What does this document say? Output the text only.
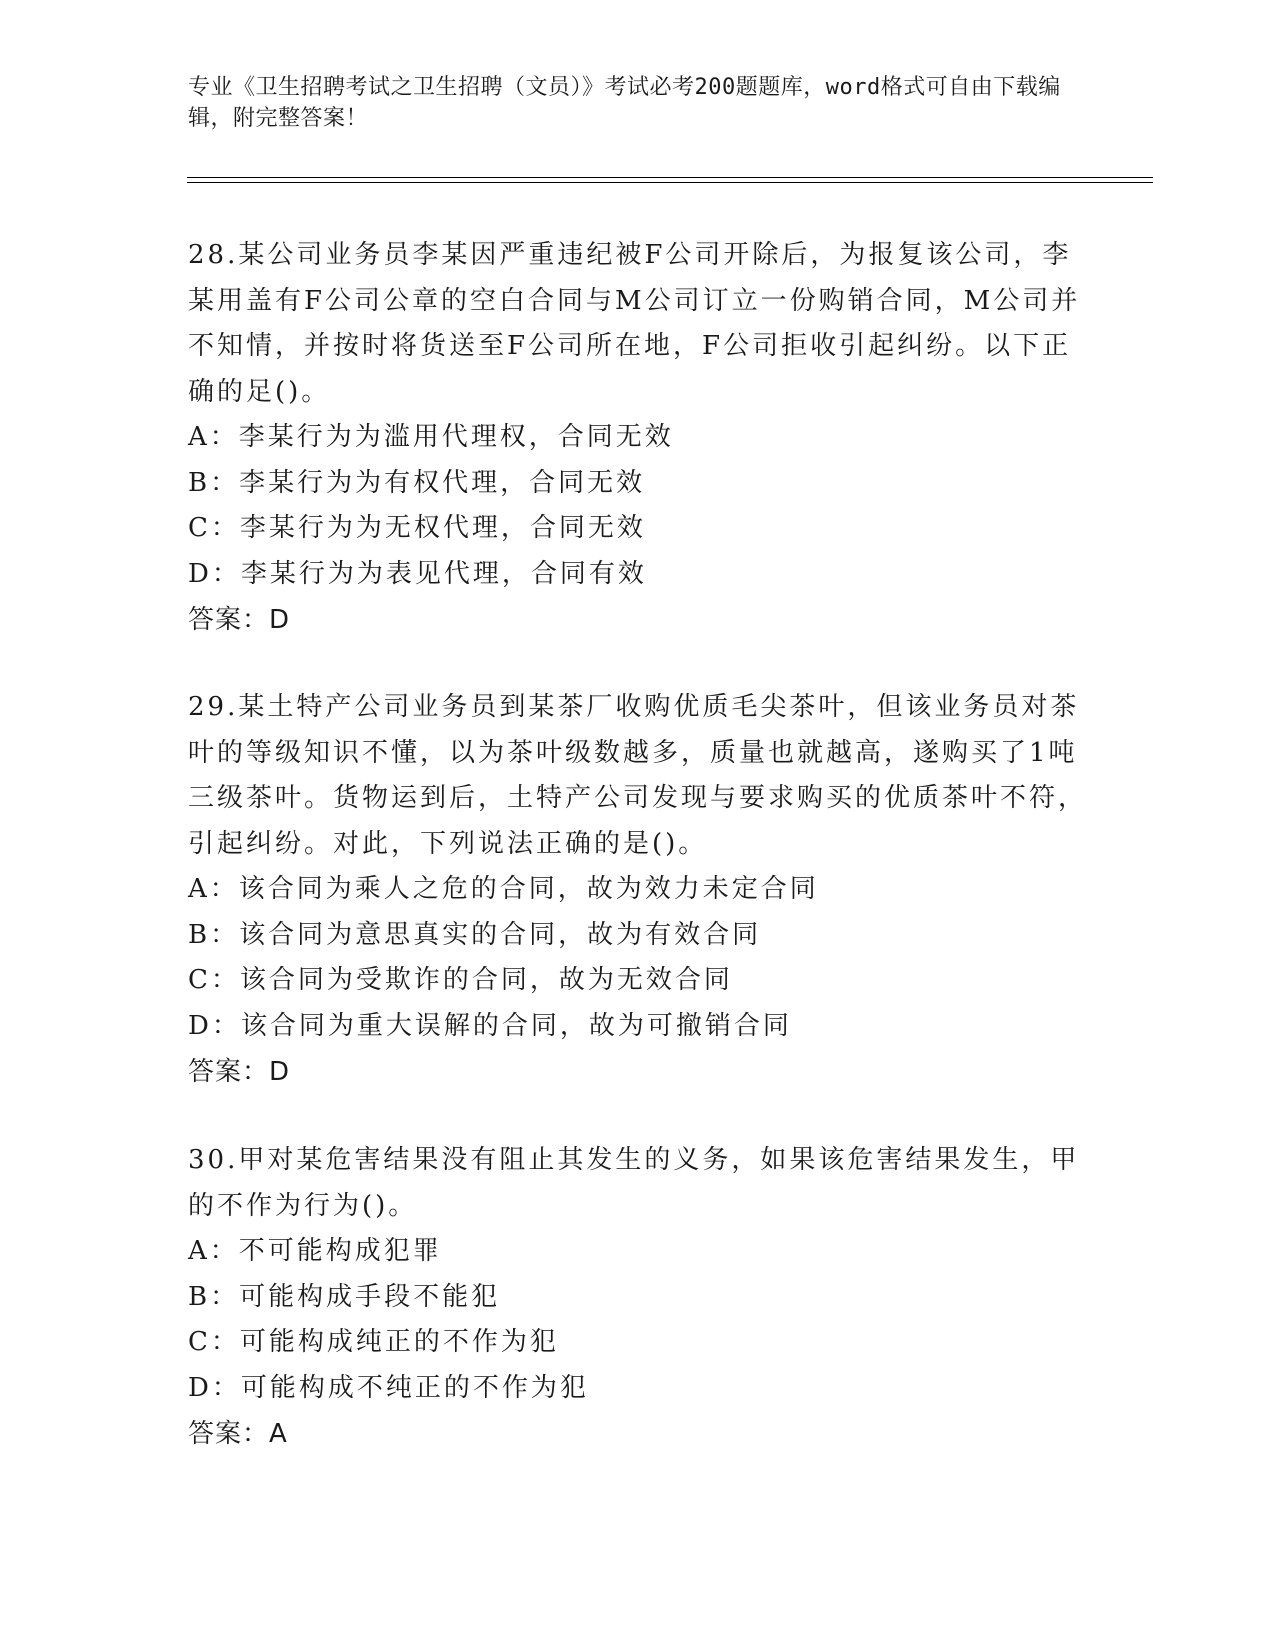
专业《卫生招聘考试之卫生招聘（文员）》考试必考200题题库，word格式可自由下载编辑，附完整答案！

28.某公司业务员李某因严重违纪被F公司开除后，为报复该公司，李某用盖有F公司公章的空白合同与M公司订立一份购销合同，M公司并不知情，并按时将货送至F公司所在地，F公司拒收引起纠纷。以下正确的足()。

A：李某行为为滥用代理权，合同无效

B：李某行为为有权代理，合同无效

C：李某行为为无权代理，合同无效

D：李某行为为表见代理，合同有效

答案：D

29.某土特产公司业务员到某茶厂收购优质毛尖茶叶，但该业务员对茶叶的等级知识不懂，以为茶叶级数越多，质量也就越高，遂购买了1吨三级茶叶。货物运到后，土特产公司发现与要求购买的优质茶叶不符，引起纠纷。对此，下列说法正确的是()。

A：该合同为乘人之危的合同，故为效力未定合同

B：该合同为意思真实的合同，故为有效合同

C：该合同为受欺诈的合同，故为无效合同

D：该合同为重大误解的合同，故为可撤销合同

答案：D

30.甲对某危害结果没有阻止其发生的义务，如果该危害结果发生，甲的不作为行为()。

A：不可能构成犯罪

B：可能构成手段不能犯

C：可能构成纯正的不作为犯

D：可能构成不纯正的不作为犯

答案：A
